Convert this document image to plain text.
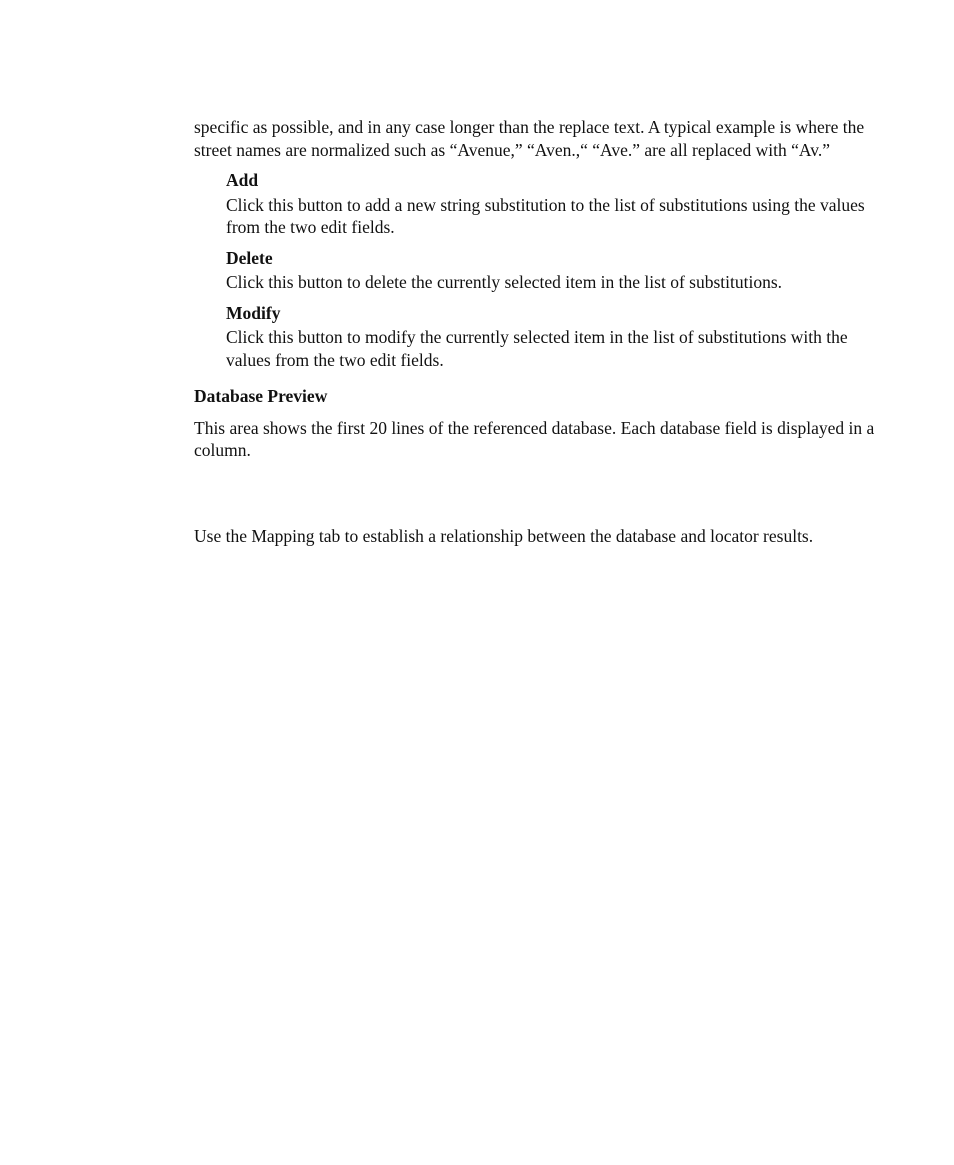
specific as possible, and in any case longer than the replace text. A typical example is where the street names are normalized such as “Avenue,” “Aven.,“ “Ave.” are all replaced with “Av.”

Add

Click this button to add a new string substitution to the list of substitutions using the values from the two edit fields.

Delete

Click this button to delete the currently selected item in the list of substitutions.

Modify

Click this button to modify the currently selected item in the list of substitutions with the values from the two edit fields.

Database Preview

This area shows the first 20 lines of the referenced database. Each database field is displayed in a column.

Use the Mapping tab to establish a relationship between the database and locator results.
